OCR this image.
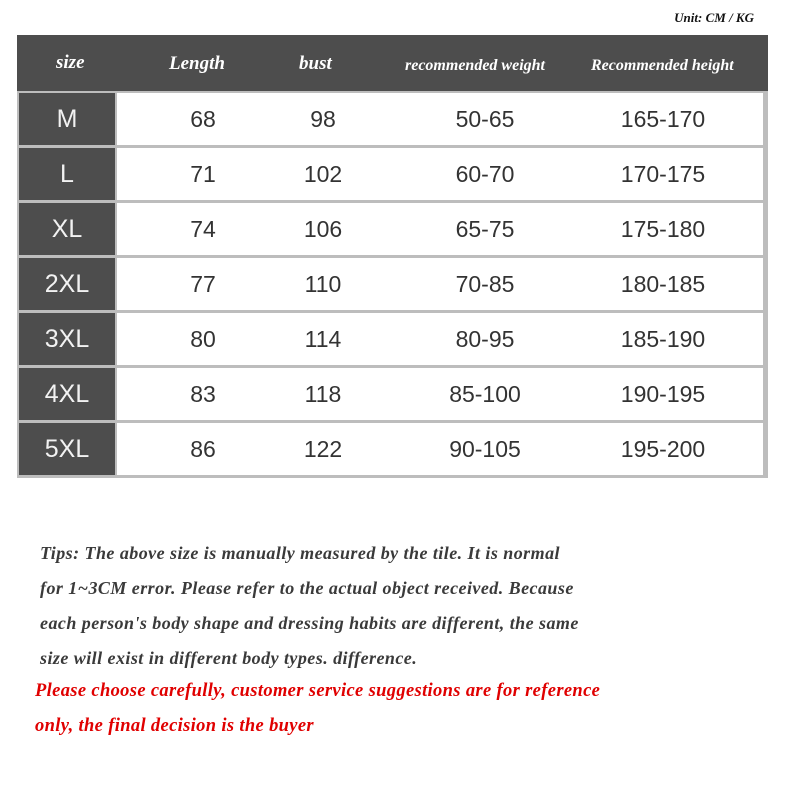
Unit: CM / KG
size	Length	bust	recommended weight	Recommended height
M	68	98	50-65	165-170
L	71	102	60-70	170-175
XL	74	106	65-75	175-180
2XL	77	110	70-85	180-185
3XL	80	114	80-95	185-190
4XL	83	118	85-100	190-195
5XL	86	122	90-105	195-200
Tips: The above size is manually measured by the tile. It is normal
for 1~3CM error. Please refer to the actual object received. Because
each person's body shape and dressing habits are different, the same
size will exist in different body types. difference.
Please choose carefully, customer service suggestions are for reference
only, the final decision is the buyer
